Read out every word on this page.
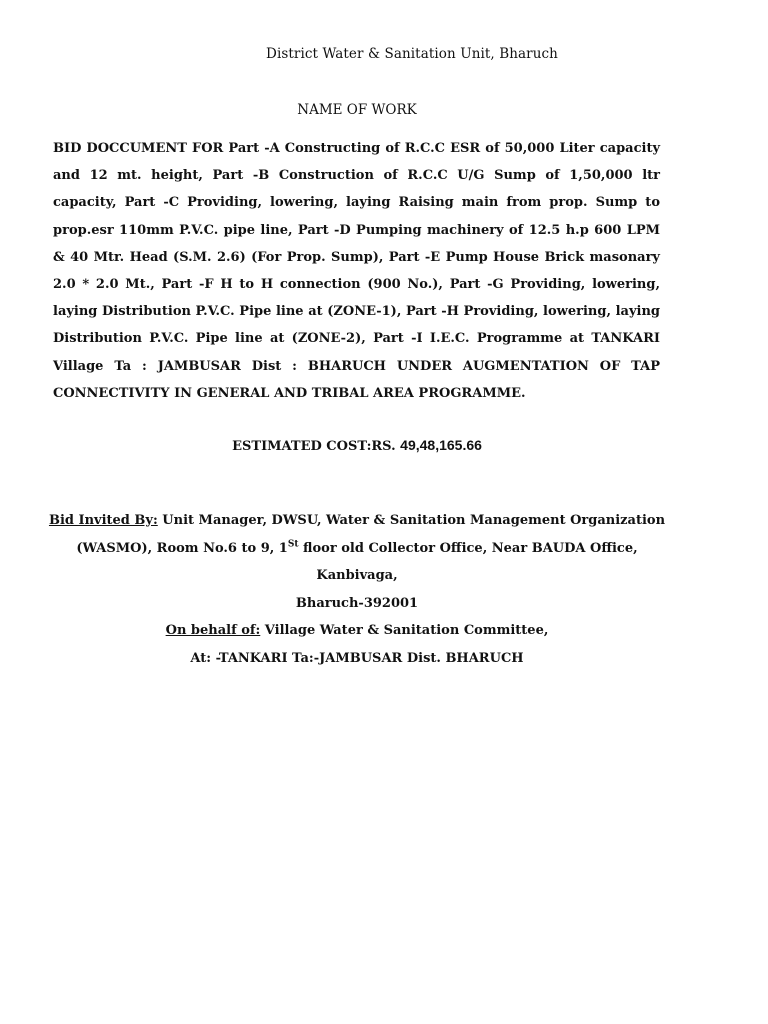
District Water & Sanitation Unit, Bharuch
NAME OF WORK
BID DOCCUMENT FOR Part -A Constructing of R.C.C ESR of 50,000 Liter capacity and 12 mt. height, Part -B Construction of R.C.C U/G Sump of 1,50,000 ltr capacity, Part -C Providing, lowering, laying Raising main from prop. Sump to prop.esr 110mm P.V.C. pipe line, Part -D Pumping machinery of 12.5 h.p 600 LPM & 40 Mtr. Head (S.M. 2.6) (For Prop. Sump), Part -E Pump House Brick masonary 2.0 * 2.0 Mt., Part -F H to H connection (900 No.), Part -G Providing, lowering, laying Distribution P.V.C. Pipe line at (ZONE-1), Part -H Providing, lowering, laying Distribution P.V.C. Pipe line at (ZONE-2), Part -I I.E.C. Programme at TANKARI Village Ta : JAMBUSAR Dist : BHARUCH UNDER AUGMENTATION OF TAP CONNECTIVITY IN GENERAL AND TRIBAL AREA PROGRAMME.
ESTIMATED COST:RS. 49,48,165.66
Bid Invited By: Unit Manager, DWSU, Water & Sanitation Management Organization (WASMO), Room No.6 to 9, 1St floor old Collector Office, Near BAUDA Office, Kanbivaga,
Bharuch-392001
On behalf of: Village Water & Sanitation Committee,
At: -TANKARI Ta:-JAMBUSAR Dist. BHARUCH
